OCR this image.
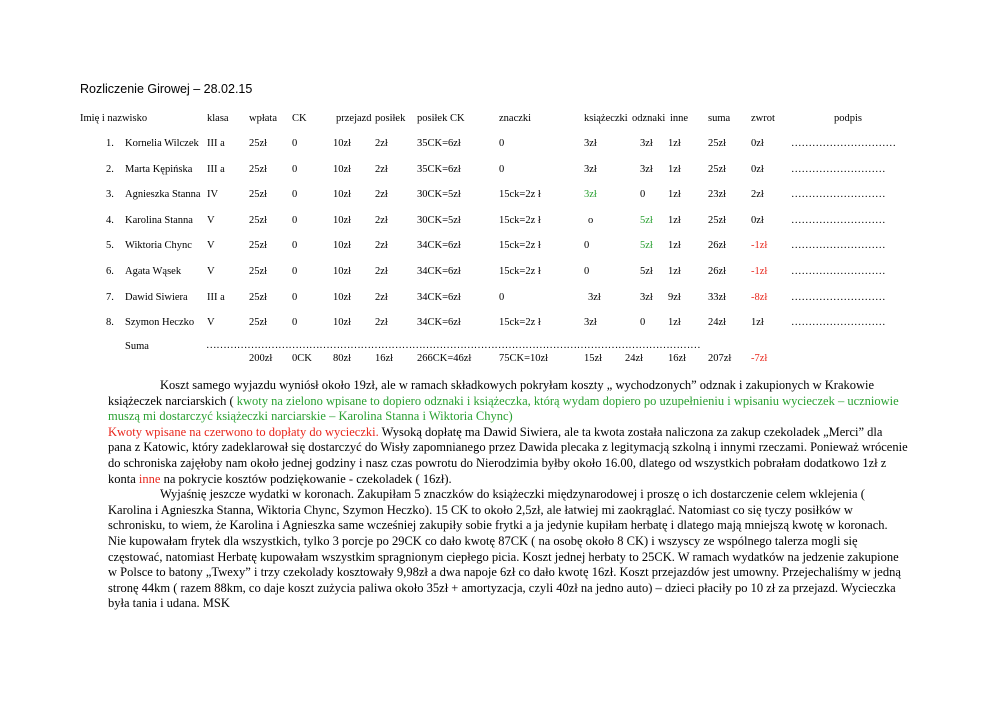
Rozliczenie Girowej – 28.02.15
Imię i nazwisko	klasa wpłata CK	przejazd posiłek posiłek CK	znaczki	książeczki odznaki inne suma zwrot	podpis
1. Kornelia Wilczek III a 25zł 0	10zł 2zł	35CK=6zł	0	3zł	3zł 1zł	25zł 0zł	…………………………
2. Marta Kępińska III a 25zł 0	10zł 2zł	35CK=6zł	0	3zł	3zł 1zł	25zł 0zł	………………………
3. Agnieszka Stanna IV	25zł 0	10zł 2zł	30CK=5zł	15ck=2z ł	3zł	0 1zł	23zł 2zł	………………………
4. Karolina Stanna V	25zł 0	10zł 2zł	30CK=5zł	15ck=2z ł	o	5zł 1zł	25zł 0zł	………………………
5. Wiktoria Chync V	25zł 0	10zł 2zł	34CK=6zł	15ck=2z ł	0	5zł 1zł	26zł -1zł ………………………
6. Agata Wąsek V	25zł 0	10zł 2zł	34CK=6zł	15ck=2z ł	0	5zł 1zł	26zł -1zł ………………………
7. Dawid Siwiera III a 25zł 0	10zł 2zł	34CK=6zł	0	3zł	3zł 9zł	33zł -8zł ………………………
8. Szymon Heczko V	25zł 0	10zł 2zł	34CK=6zł	15ck=2z ł	3zł	0 1zł	24zł 1zł	………………………
Suma	………………………………………………………………………………………………………………………………
200zł 0CK 80zł 16zł 266CK=46zł	75CK=10zł	15zł 24zł 16zł 207zł -7zł

Koszt samego wyjazdu wyniósł około 19zł, ale w ramach składkowych pokryłam koszty „ wychodzonych” odznak i zakupionych w Krakowie książeczek narciarskich ( kwoty na zielono wpisane to dopiero odznaki i książeczka, którą wydam dopiero po uzupełnieniu i wpisaniu wycieczek – uczniowie muszą mi dostarczyć książeczki narciarskie – Karolina Stanna i Wiktoria Chync)
Kwoty wpisane na czerwono to dopłaty do wycieczki. Wysoką dopłatę ma Dawid Siwiera, ale ta kwota została naliczona za zakup czekoladek „Merci” dla pana z Katowic, który zadeklarował się dostarczyć do Wisły zapomnianego przez Dawida plecaka z legitymacją szkolną i innymi rzeczami. Ponieważ wrócenie do schroniska zajęłoby nam około jednej godziny i nasz czas powrotu do Nierodzimia byłby około 16.00, dlatego od wszystkich pobrałam dodatkowo 1zł z konta inne na pokrycie kosztów podziękowanie - czekoladek ( 16zł).

Wyjaśnię jeszcze wydatki w koronach. Zakupiłam 5 znaczków do książeczki międzynarodowej i proszę o ich dostarczenie celem wklejenia ( Karolina i Agnieszka Stanna, Wiktoria Chync, Szymon Heczko). 15 CK to około 2,5zł, ale łatwiej mi zaokrąglać. Natomiast co się tyczy posiłków w schronisku, to wiem, że Karolina i Agnieszka same wcześniej zakupiły sobie frytki a ja jedynie kupiłam herbatę i dlatego mają mniejszą kwotę w koronach. Nie kupowałam frytek dla wszystkich, tylko 3 porcje po 29CK co dało kwotę 87CK ( na osobę około 8 CK) i wszyscy ze wspólnego talerza mogli się częstować, natomiast Herbatę kupowałam wszystkim spragnionym ciepłego picia. Koszt jednej herbaty to 25CK. W ramach wydatków na jedzenie zakupione w Polsce to batony „Twexy” i trzy czekolady kosztowały 9,98zł a dwa napoje 6zł co dało kwotę 16zł. Koszt przejazdów jest umowny. Przejechaliśmy w jedną stronę 44km ( razem 88km, co daje koszt zużycia paliwa około 35zł + amortyzacja, czyli 40zł na jedno auto) – dzieci płaciły po 10 zł za przejazd. Wycieczka była tania i udana. MSK
